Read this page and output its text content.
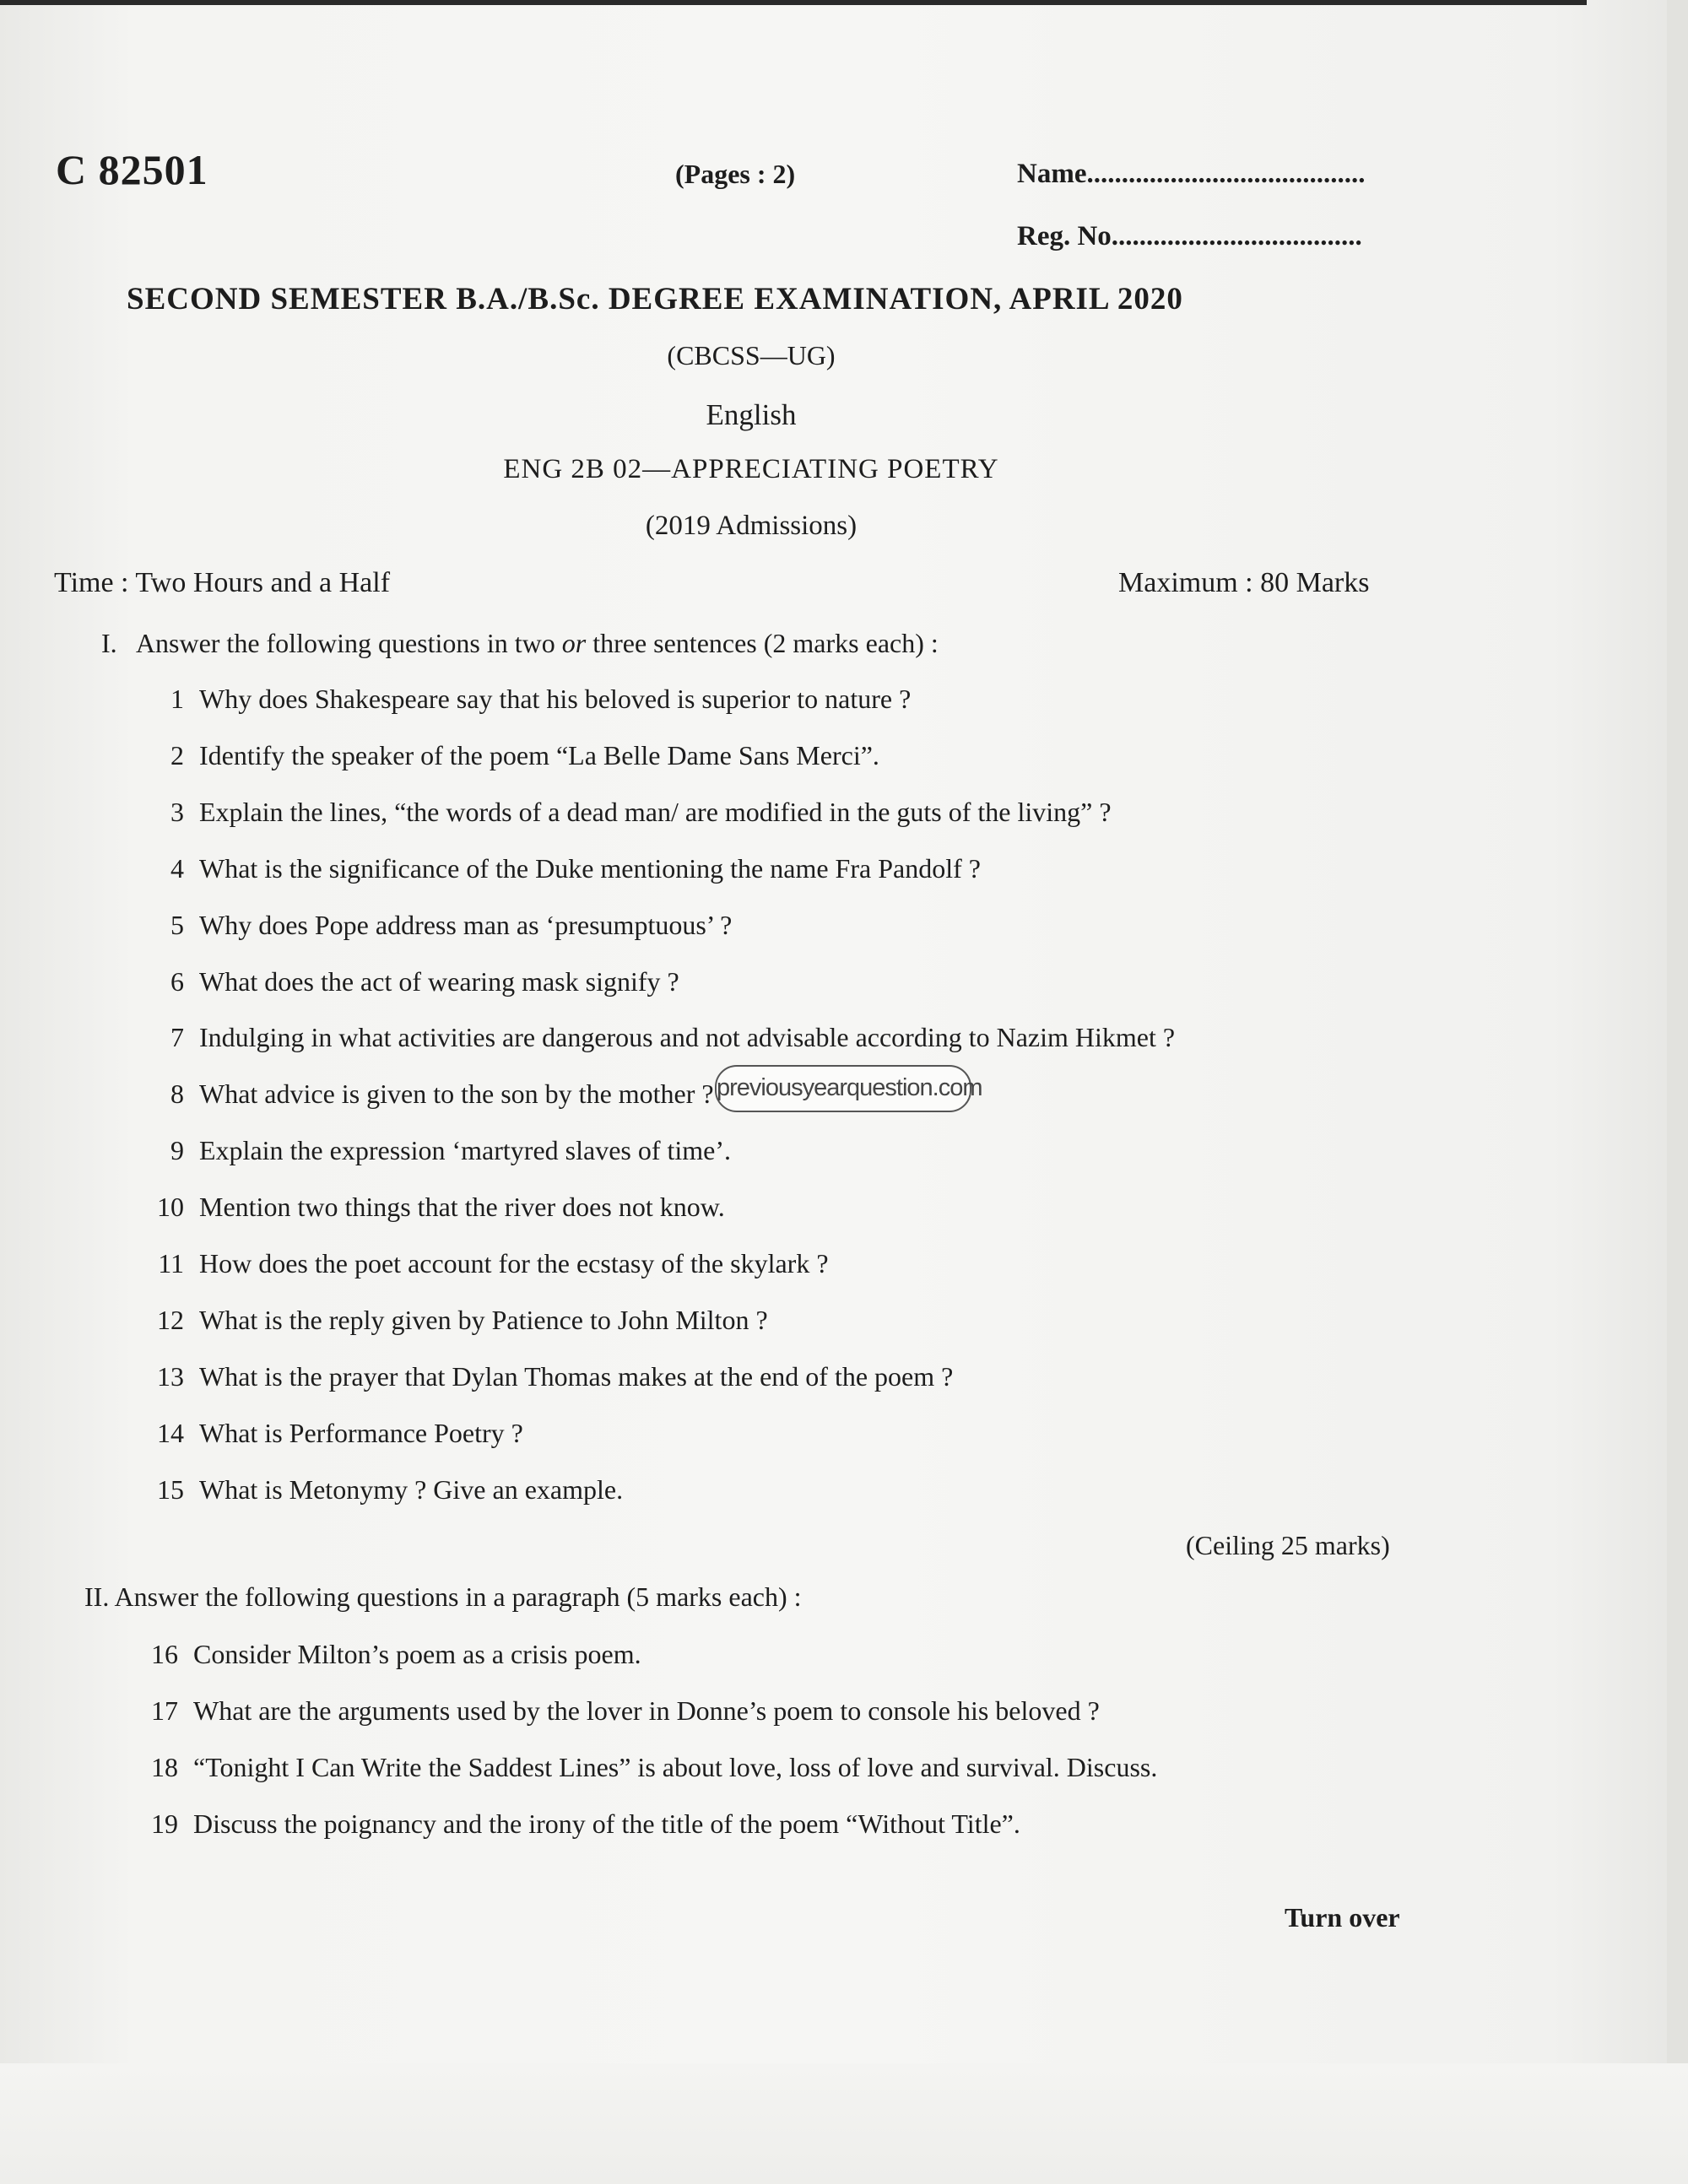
C 82501	(Pages : 2)	Name........................................
Reg. No....................................
SECOND SEMESTER B.A./B.Sc. DEGREE EXAMINATION, APRIL 2020
(CBCSS—UG)
English
ENG 2B 02—APPRECIATING POETRY
(2019 Admissions)
Time : Two Hours and a Half	Maximum : 80 Marks
I.   Answer the following questions in two or three sentences (2 marks each) :
1 Why does Shakespeare say that his beloved is superior to nature ?
2 Identify the speaker of the poem “La Belle Dame Sans Merci”.
3 Explain the lines, “the words of a dead man/ are modified in the guts of the living” ?
4 What is the significance of the Duke mentioning the name Fra Pandolf ?
5 Why does Pope address man as ‘presumptuous’ ?
6 What does the act of wearing mask signify ?
7 Indulging in what activities are dangerous and not advisable according to Nazim Hikmet ?
8 What advice is given to the son by the mother ?
9 Explain the expression ‘martyred slaves of time’.
10 Mention two things that the river does not know.
11 How does the poet account for the ecstasy of the skylark ?
12 What is the reply given by Patience to John Milton ?
13 What is the prayer that Dylan Thomas makes at the end of the poem ?
14 What is Performance Poetry ?
15 What is Metonymy ? Give an example.
(Ceiling 25 marks)
II. Answer the following questions in a paragraph (5 marks each) :
16 Consider Milton’s poem as a crisis poem.
17 What are the arguments used by the lover in Donne’s poem to console his beloved ?
18 “Tonight I Can Write the Saddest Lines” is about love, loss of love and survival. Discuss.
19 Discuss the poignancy and the irony of the title of the poem “Without Title”.
Turn over
previousyearquestion.com
